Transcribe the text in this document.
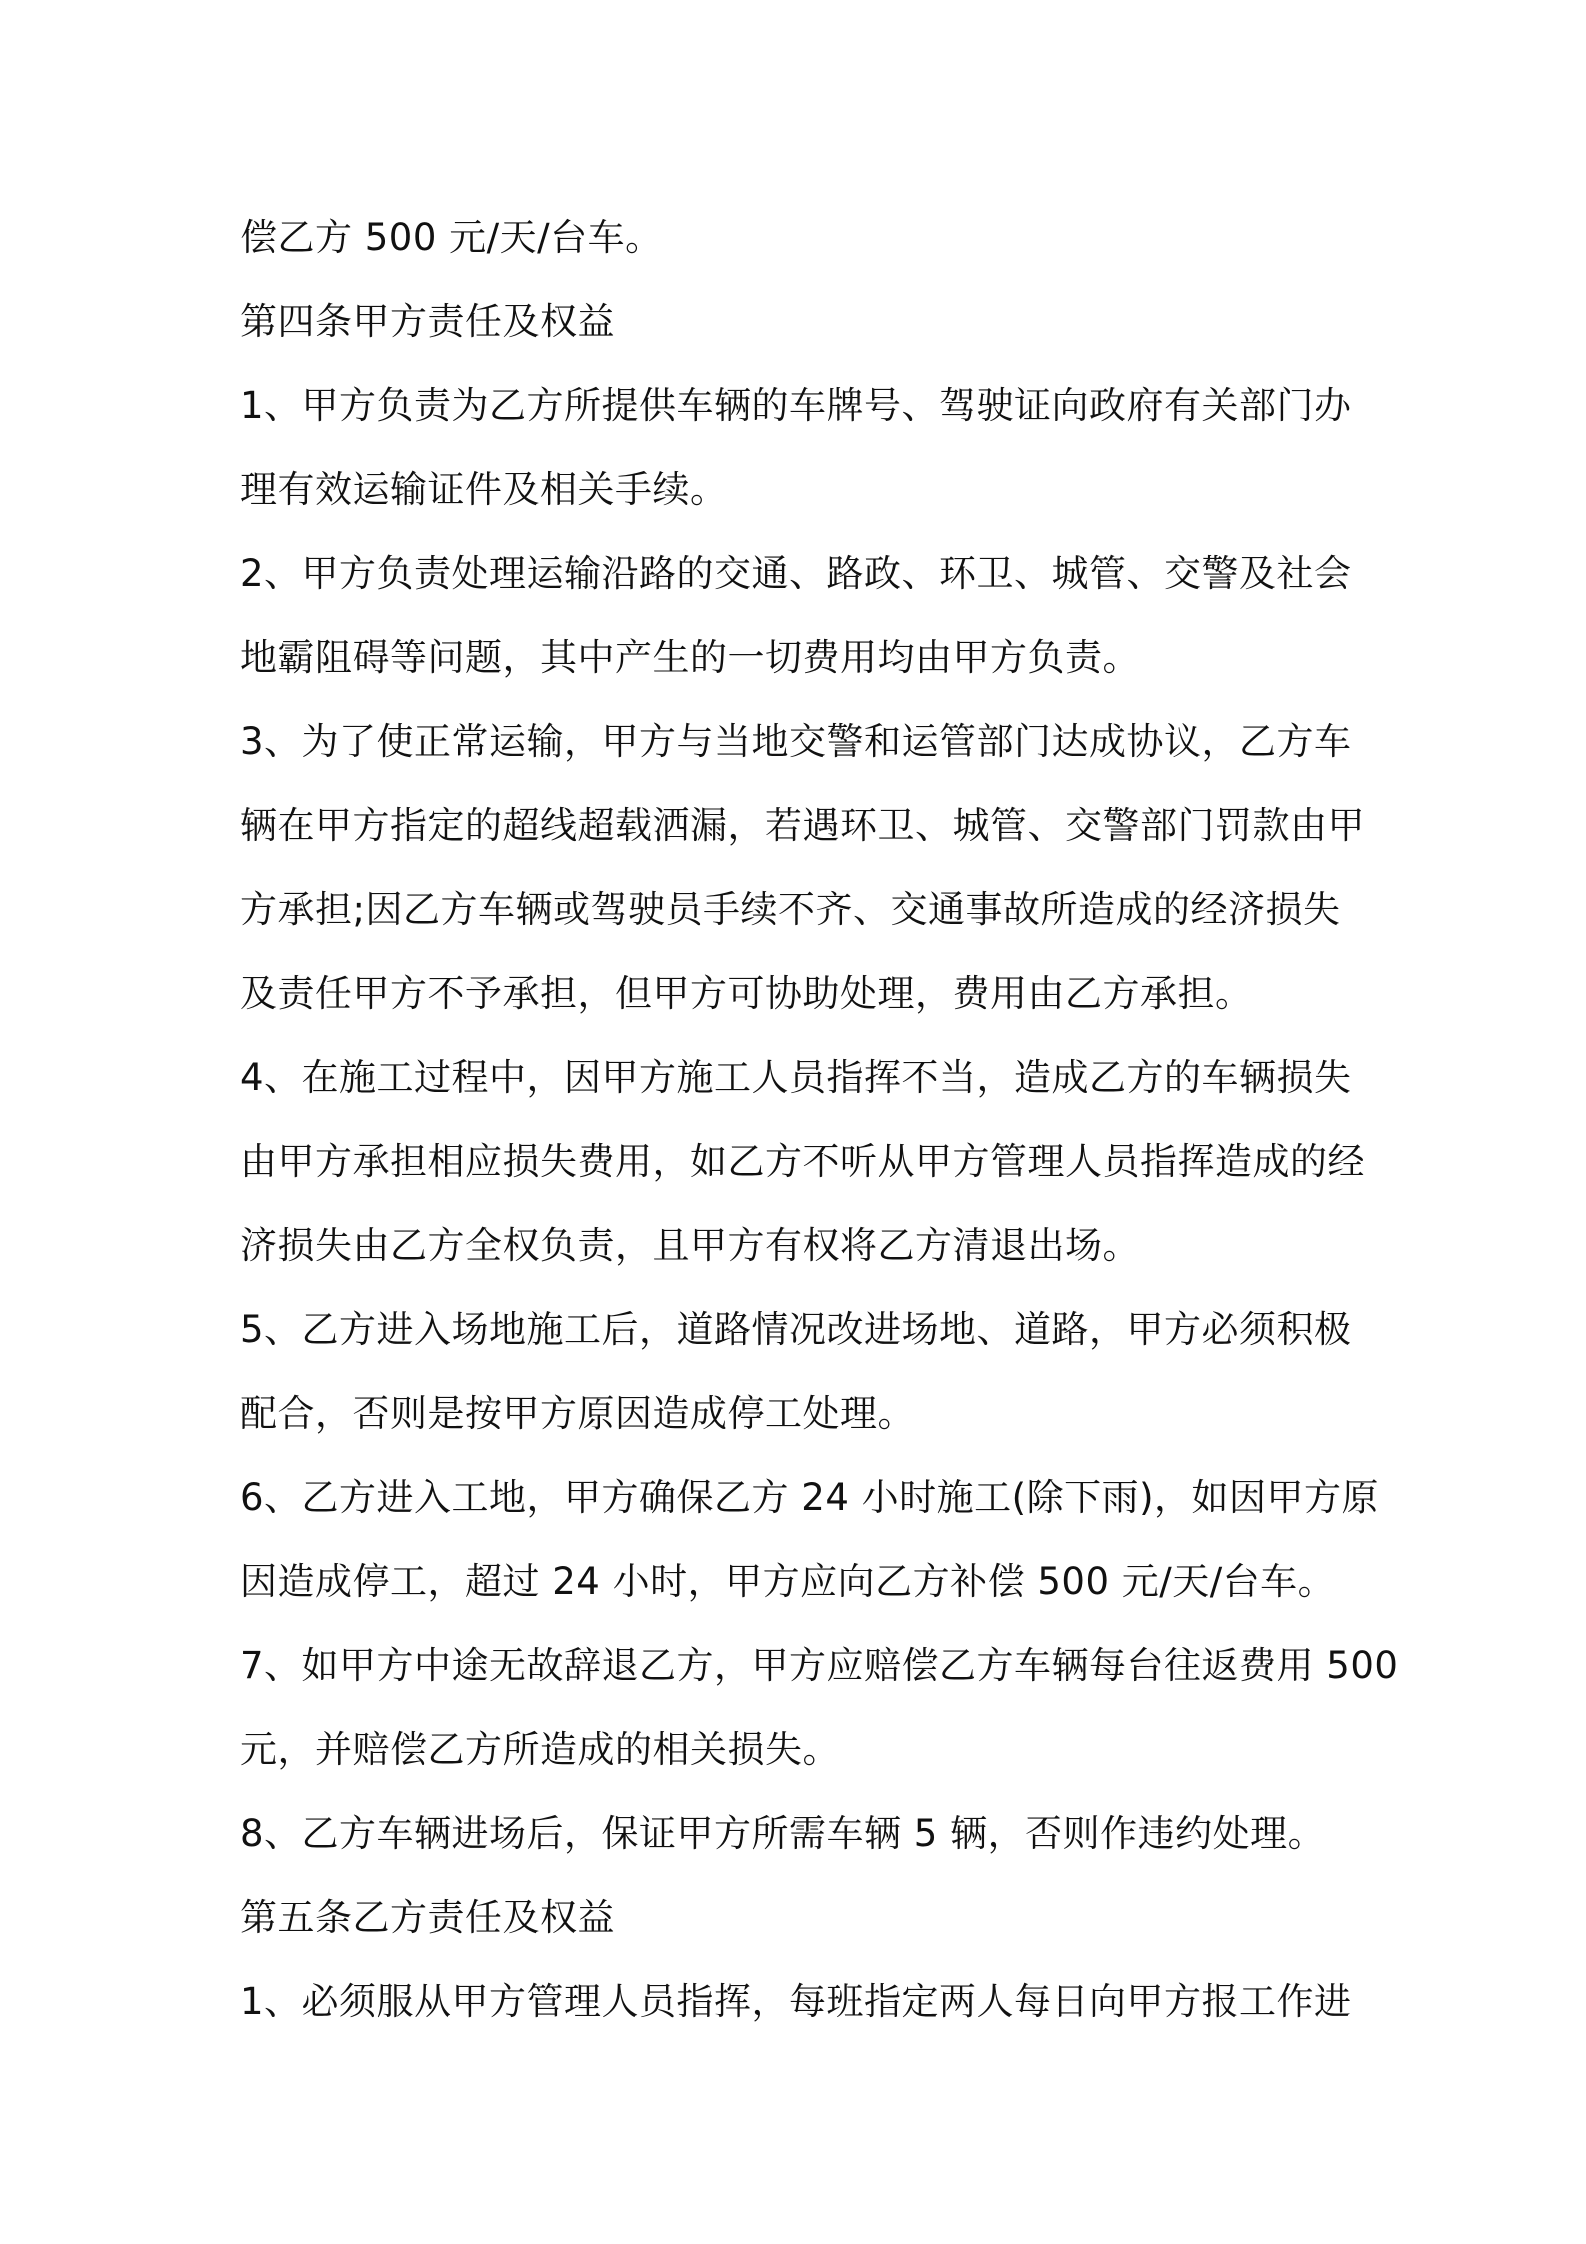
偿乙方 500 元/天/台车。
第四条甲方责任及权益
1、甲方负责为乙方所提供车辆的车牌号、驾驶证向政府有关部门办
理有效运输证件及相关手续。
2、甲方负责处理运输沿路的交通、路政、环卫、城管、交警及社会
地霸阻碍等问题，其中产生的一切费用均由甲方负责。
3、为了使正常运输，甲方与当地交警和运管部门达成协议，乙方车
辆在甲方指定的超线超载洒漏，若遇环卫、城管、交警部门罚款由甲
方承担;因乙方车辆或驾驶员手续不齐、交通事故所造成的经济损失
及责任甲方不予承担，但甲方可协助处理，费用由乙方承担。
4、在施工过程中，因甲方施工人员指挥不当，造成乙方的车辆损失
由甲方承担相应损失费用，如乙方不听从甲方管理人员指挥造成的经
济损失由乙方全权负责，且甲方有权将乙方清退出场。
5、乙方进入场地施工后，道路情况改进场地、道路，甲方必须积极
配合，否则是按甲方原因造成停工处理。
6、乙方进入工地，甲方确保乙方 24 小时施工(除下雨)，如因甲方原
因造成停工，超过 24 小时，甲方应向乙方补偿 500 元/天/台车。
7、如甲方中途无故辞退乙方，甲方应赔偿乙方车辆每台往返费用 500
元，并赔偿乙方所造成的相关损失。
8、乙方车辆进场后，保证甲方所需车辆 5 辆，否则作违约处理。
第五条乙方责任及权益
1、必须服从甲方管理人员指挥，每班指定两人每日向甲方报工作进
